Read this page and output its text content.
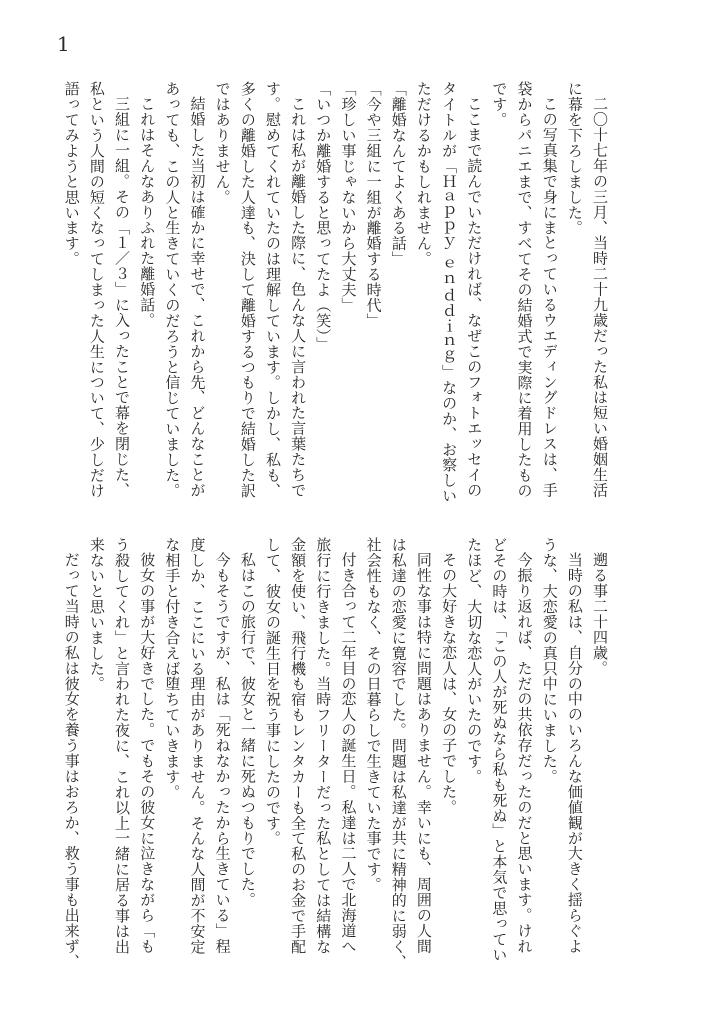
1
二〇十七年の三月、当時二十九歳だった私は短い婚姻生活
に幕を下ろしました。
この写真集で身にまとっているウエディングドレスは、手
袋からパニエまで、すべてその結婚式で実際に着用したもの
です。
ここまで読んでいただければ、なぜこのフォトエッセイの
タイトルが「Ｈａｐｐｙ ｅｎｄｄｉｎｇ」なのか、お察しい
ただけるかもしれません。
「離婚なんてよくある話」
「今や三組に一組が離婚する時代」
「珍しい事じゃないから大丈夫」
「いつか離婚すると思ってたよ（笑）」
これは私が離婚した際に、色んな人に言われた言葉たちで
す。慰めてくれていたのは理解しています。しかし、私も、
多くの離婚した人達も、決して離婚するつもりで結婚した訳
ではありません。
結婚した当初は確かに幸せで、これから先、どんなことが
あっても、この人と生きていくのだろうと信じていました。
これはそんなありふれた離婚話。
三組に一組。その「１／３」に入ったことで幕を閉じた、
私という人間の短くなってしまった人生について、少しだけ
語ってみようと思います。
遡る事二十四歳。
当時の私は、自分の中のいろんな価値観が大きく揺らぐよ
うな、大恋愛の真只中にいました。
今振り返れば、ただの共依存だったのだと思います。けれ
どその時は、「この人が死ぬなら私も死ぬ」と本気で思ってい
たほど、大切な恋人がいたのです。
その大好きな恋人は、女の子でした。
同性な事は特に問題はありません。幸いにも、周囲の人間
は私達の恋愛に寛容でした。問題は私達が共に精神的に弱く、
社会性もなく、その日暮らしで生きていた事です。
付き合って二年目の恋人の誕生日。私達は二人で北海道へ
旅行に行きました。当時フリーターだった私としては結構な
金額を使い、飛行機も宿もレンタカーも全て私のお金で手配
して、彼女の誕生日を祝う事にしたのです。
私はこの旅行で、彼女と一緒に死ぬつもりでした。
今もそうですが、私は「死ねなかったから生きている」程
度しか、ここにいる理由がありません。そんな人間が不安定
な相手と付き合えば堕ちていきます。
彼女の事が大好きでした。でもその彼女に泣きながら「も
う殺してくれ」と言われた夜に、これ以上一緒に居る事は出
来ないと思いました。
だって当時の私は彼女を養う事はおろか、救う事も出来ず、
